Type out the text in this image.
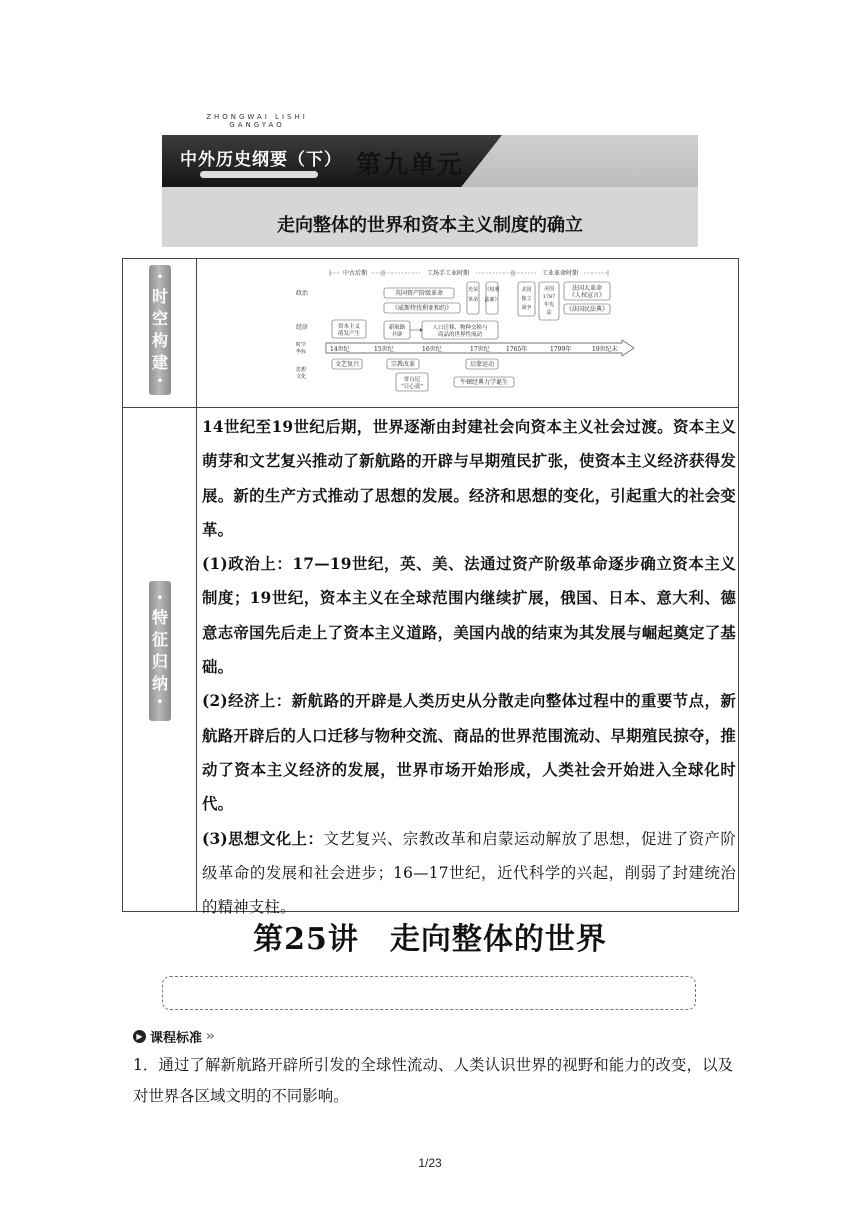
ZHONGWAI LISHI GANGYAO
中外历史纲要（下） 第九单元
走向整体的世界和资本主义制度的确立
•
时
空
构
建
•
•
特
征
归
纳
•
中古后期	工场手工业时期	工业革命时期
政治
经济
时空
坐标
思想
文化
英国资产阶级革命
《威斯特伐利亚和约》
光荣
革命
《权利
法案》
美国
独立
战争
美国
1787
年宪
法
法国大革命
《人权宣言》
《法国民法典》
资本主义
萌发产生
新航路
开辟
人口迁移、物种交换与
商品的世界性流动
14世纪	15世纪	16世纪	17世纪	1765年	1799年	19世纪末
文艺复兴	宗教改革	启蒙运动
哥白尼
“日心说”
牛顿经典力学诞生

14世纪至19世纪后期，世界逐渐由封建社会向资本主义社会过渡。资本主义萌芽和文艺复兴推动了新航路的开辟与早期殖民扩张，使资本主义经济获得发展。新的生产方式推动了思想的发展。经济和思想的变化，引起重大的社会变革。

(1)政治上：17—19世纪，英、美、法通过资产阶级革命逐步确立资本主义制度；19世纪，资本主义在全球范围内继续扩展，俄国、日本、意大利、德意志帝国先后走上了资本主义道路，美国内战的结束为其发展与崛起奠定了基础。

(2)经济上：新航路的开辟是人类历史从分散走向整体过程中的重要节点，新航路开辟后的人口迁移与物种交流、商品的世界范围流动、早期殖民掠夺，推动了资本主义经济的发展，世界市场开始形成，人类社会开始进入全球化时代。

(3)思想文化上：文艺复兴、宗教改革和启蒙运动解放了思想，促进了资产阶级革命的发展和社会进步；16—17世纪，近代科学的兴起，削弱了封建统治的精神支柱。

第25讲　走向整体的世界
▶ 课程标准 ››

1．通过了解新航路开辟所引发的全球性流动、人类认识世界的视野和能力的改变，以及对世界各区域文明的不同影响。

1/23
